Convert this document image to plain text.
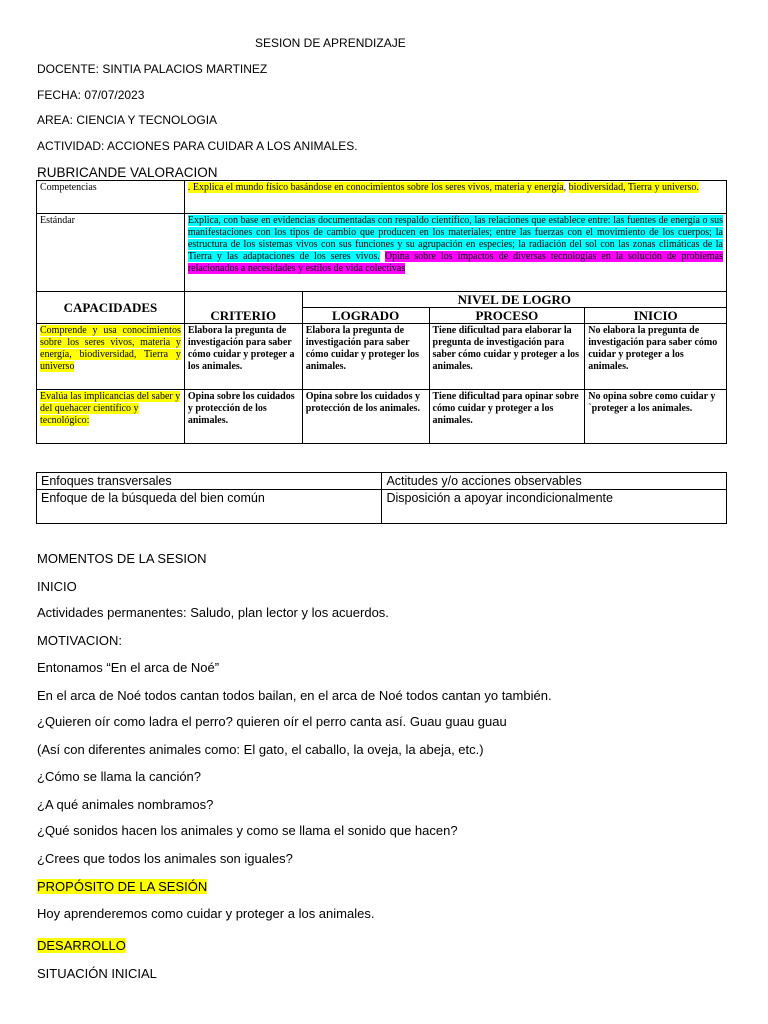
SESION DE APRENDIZAJE
DOCENTE: SINTIA PALACIOS MARTINEZ
FECHA: 07/07/2023
AREA: CIENCIA Y TECNOLOGIA
ACTIVIDAD: ACCIONES PARA CUIDAR A LOS ANIMALES.
RUBRICANDE VALORACION
Competencias	. Explica el mundo físico basándose en conocimientos sobre los seres vivos, materia y energía, biodiversidad, Tierra y universo.			
Estándar	Explica, con base en evidencias documentadas con respaldo científico, las relaciones que establece entre: las fuentes de energía o sus manifestaciones con los tipos de cambio que producen en los materiales; entre las fuerzas con el movimiento de los cuerpos; la estructura de los sistemas vivos con sus funciones y su agrupación en especies; la radiación del sol con las zonas climáticas de la Tierra y las adaptaciones de los seres vivos. Opina sobre los impactos de diversas tecnologías en la solución de problemas relacionados a necesidades y estilos de vida colectivas			
CAPACIDADES	CRITERIO	NIVEL DE LOGRO		
		LOGRADO	PROCESO	INICIO
Comprende y usa conocimientos sobre los seres vivos, materia y energía, biodiversidad, Tierra y universo	Elabora la pregunta de investigación para saber cómo cuidar y proteger a los animales.	Elabora la pregunta de investigación para saber cómo cuidar y proteger los animales.	Tiene dificultad para elaborar la pregunta de investigación para saber cómo cuidar y proteger a los animales.	No elabora la pregunta de investigación para saber cómo cuidar y proteger a los animales.
Evalúa las implicancias del saber y del quehacer científico y tecnológico:	Opina sobre los cuidados y protección de los animales.	Opina sobre los cuidados y protección de los animales.	Tiene dificultad para opinar sobre cómo cuidar y proteger a los animales.	No opina sobre como cuidar y `proteger a los animales.
Enfoques transversales	Actitudes y/o acciones observables
Enfoque de la búsqueda del bien común	Disposición a apoyar incondicionalmente
MOMENTOS DE LA SESION
INICIO
Actividades permanentes: Saludo, plan lector y los acuerdos.
MOTIVACION:
Entonamos “En el arca de Noé”
En el arca de Noé todos cantan todos bailan, en el arca de Noé todos cantan yo también.
¿Quieren oír como ladra el perro? quieren oír el perro canta así. Guau guau guau
(Así con diferentes animales como: El gato, el caballo, la oveja, la abeja, etc.)
¿Cómo se llama la canción?
¿A qué animales nombramos?
¿Qué sonidos hacen los animales y como se llama el sonido que hacen?
¿Crees que todos los animales son iguales?
PROPÓSITO DE LA SESIÓN
Hoy aprenderemos como cuidar y proteger a los animales.
DESARROLLO
SITUACIÓN INICIAL
